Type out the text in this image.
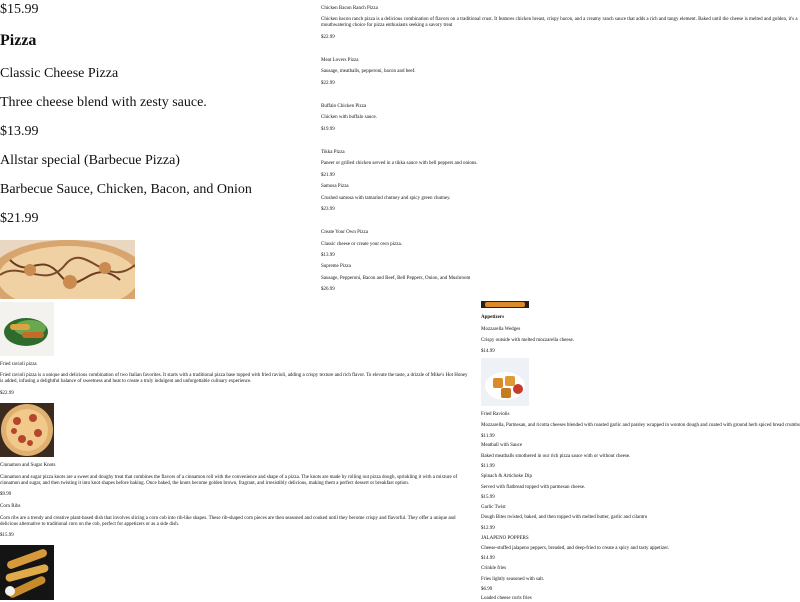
$15.99

Pizza

Classic Cheese Pizza

Three cheese blend with zesty sauce.

$13.99

Allstar special (Barbecue Pizza)

Barbecue Sauce, Chicken, Bacon, and Onion

$21.99

Fried ravioli pizza

Fried ravioli pizza is a unique and delicious combination of two Italian favorites. It starts with a traditional pizza base topped with fried ravioli, adding a crispy texture and rich flavor. To elevate the taste, a drizzle of Mike's Hot Honey is added, infusing a delightful balance of sweetness and heat to create a truly indulgent and unforgettable culinary experience.

$22.99

Cinnamon and Sugar Knots

Cinnamon and sugar pizza knots are a sweet and doughy treat that combines the flavors of a cinnamon roll with the convenience and shape of a pizza. The knots are made by rolling out pizza dough, sprinkling it with a mixture of cinnamon and sugar, and then twisting it into knot shapes before baking. Once baked, the knots become golden brown, fragrant, and irresistibly delicious, making them a perfect dessert or breakfast option.

$9.99

Corn Ribs

Corn ribs are a trendy and creative plant-based dish that involves slicing a corn cob into rib-like shapes. These rib-shaped corn pieces are then seasoned and cooked until they become crispy and flavorful. They offer a unique and delicious alternative to traditional corn on the cob, perfect for appetizers or as a side dish.

$15.99

Chicken Bacon Ranch Pizza

Chicken bacon ranch pizza is a delicious combination of flavors on a traditional crust. It features chicken breast, crispy bacon, and a creamy ranch sauce that adds a rich and tangy element. Baked until the cheese is melted and golden, it's a mouthwatering choice for pizza enthusiasts seeking a savory treat

$22.99

Meat Lovers Pizza

Sausage, meatballs, pepperoni, bacon and beef.

$22.99

Buffalo Chicken Pizza

Chicken with buffalo sauce.

$19.99

Tikka Pizza

Paneer or grilled chicken served in a tikka sauce with bell peppers and onions.

$21.99

Samosa Pizza

Crushed samosa with tamarind chutney and spicy green chutney.

$23.99

Create Your Own Pizza

Classic cheese or create your own pizza.

$13.99

Supreme Pizza

Sausage, Pepperoni, Bacon and Beef, Bell Peppers, Onion, and Mushroom

$26.99

Appetizers

Mozzarella Wedges

Crispy outside with melted mozzarella cheese.

$14.99

Fried Raviolis

Mozzarella, Parmesan, and ricotta cheeses blended with roasted garlic and parsley wrapped in wonton dough and coated with ground herb spiced bread crumbs

$11.99

Meatball with Sauce

Baked meatballs smothered in our rich pizza sauce with or without cheese.

$11.99

Spinach & Artichoke Dip

Served with flatbread topped with parmesan cheese.

$15.99

Garlic Twist

Dough Bites twisted, baked, and then topped with melted butter, garlic and cilantro

$12.99

JALAPENO POPPERS

Cheese-stuffed jalapeno peppers, breaded, and deep-fried to create a spicy and tasty appetizer.

$14.99

Crinkle fries

Fries lightly seasoned with salt.

$6.99

Loaded cheese curls fries
